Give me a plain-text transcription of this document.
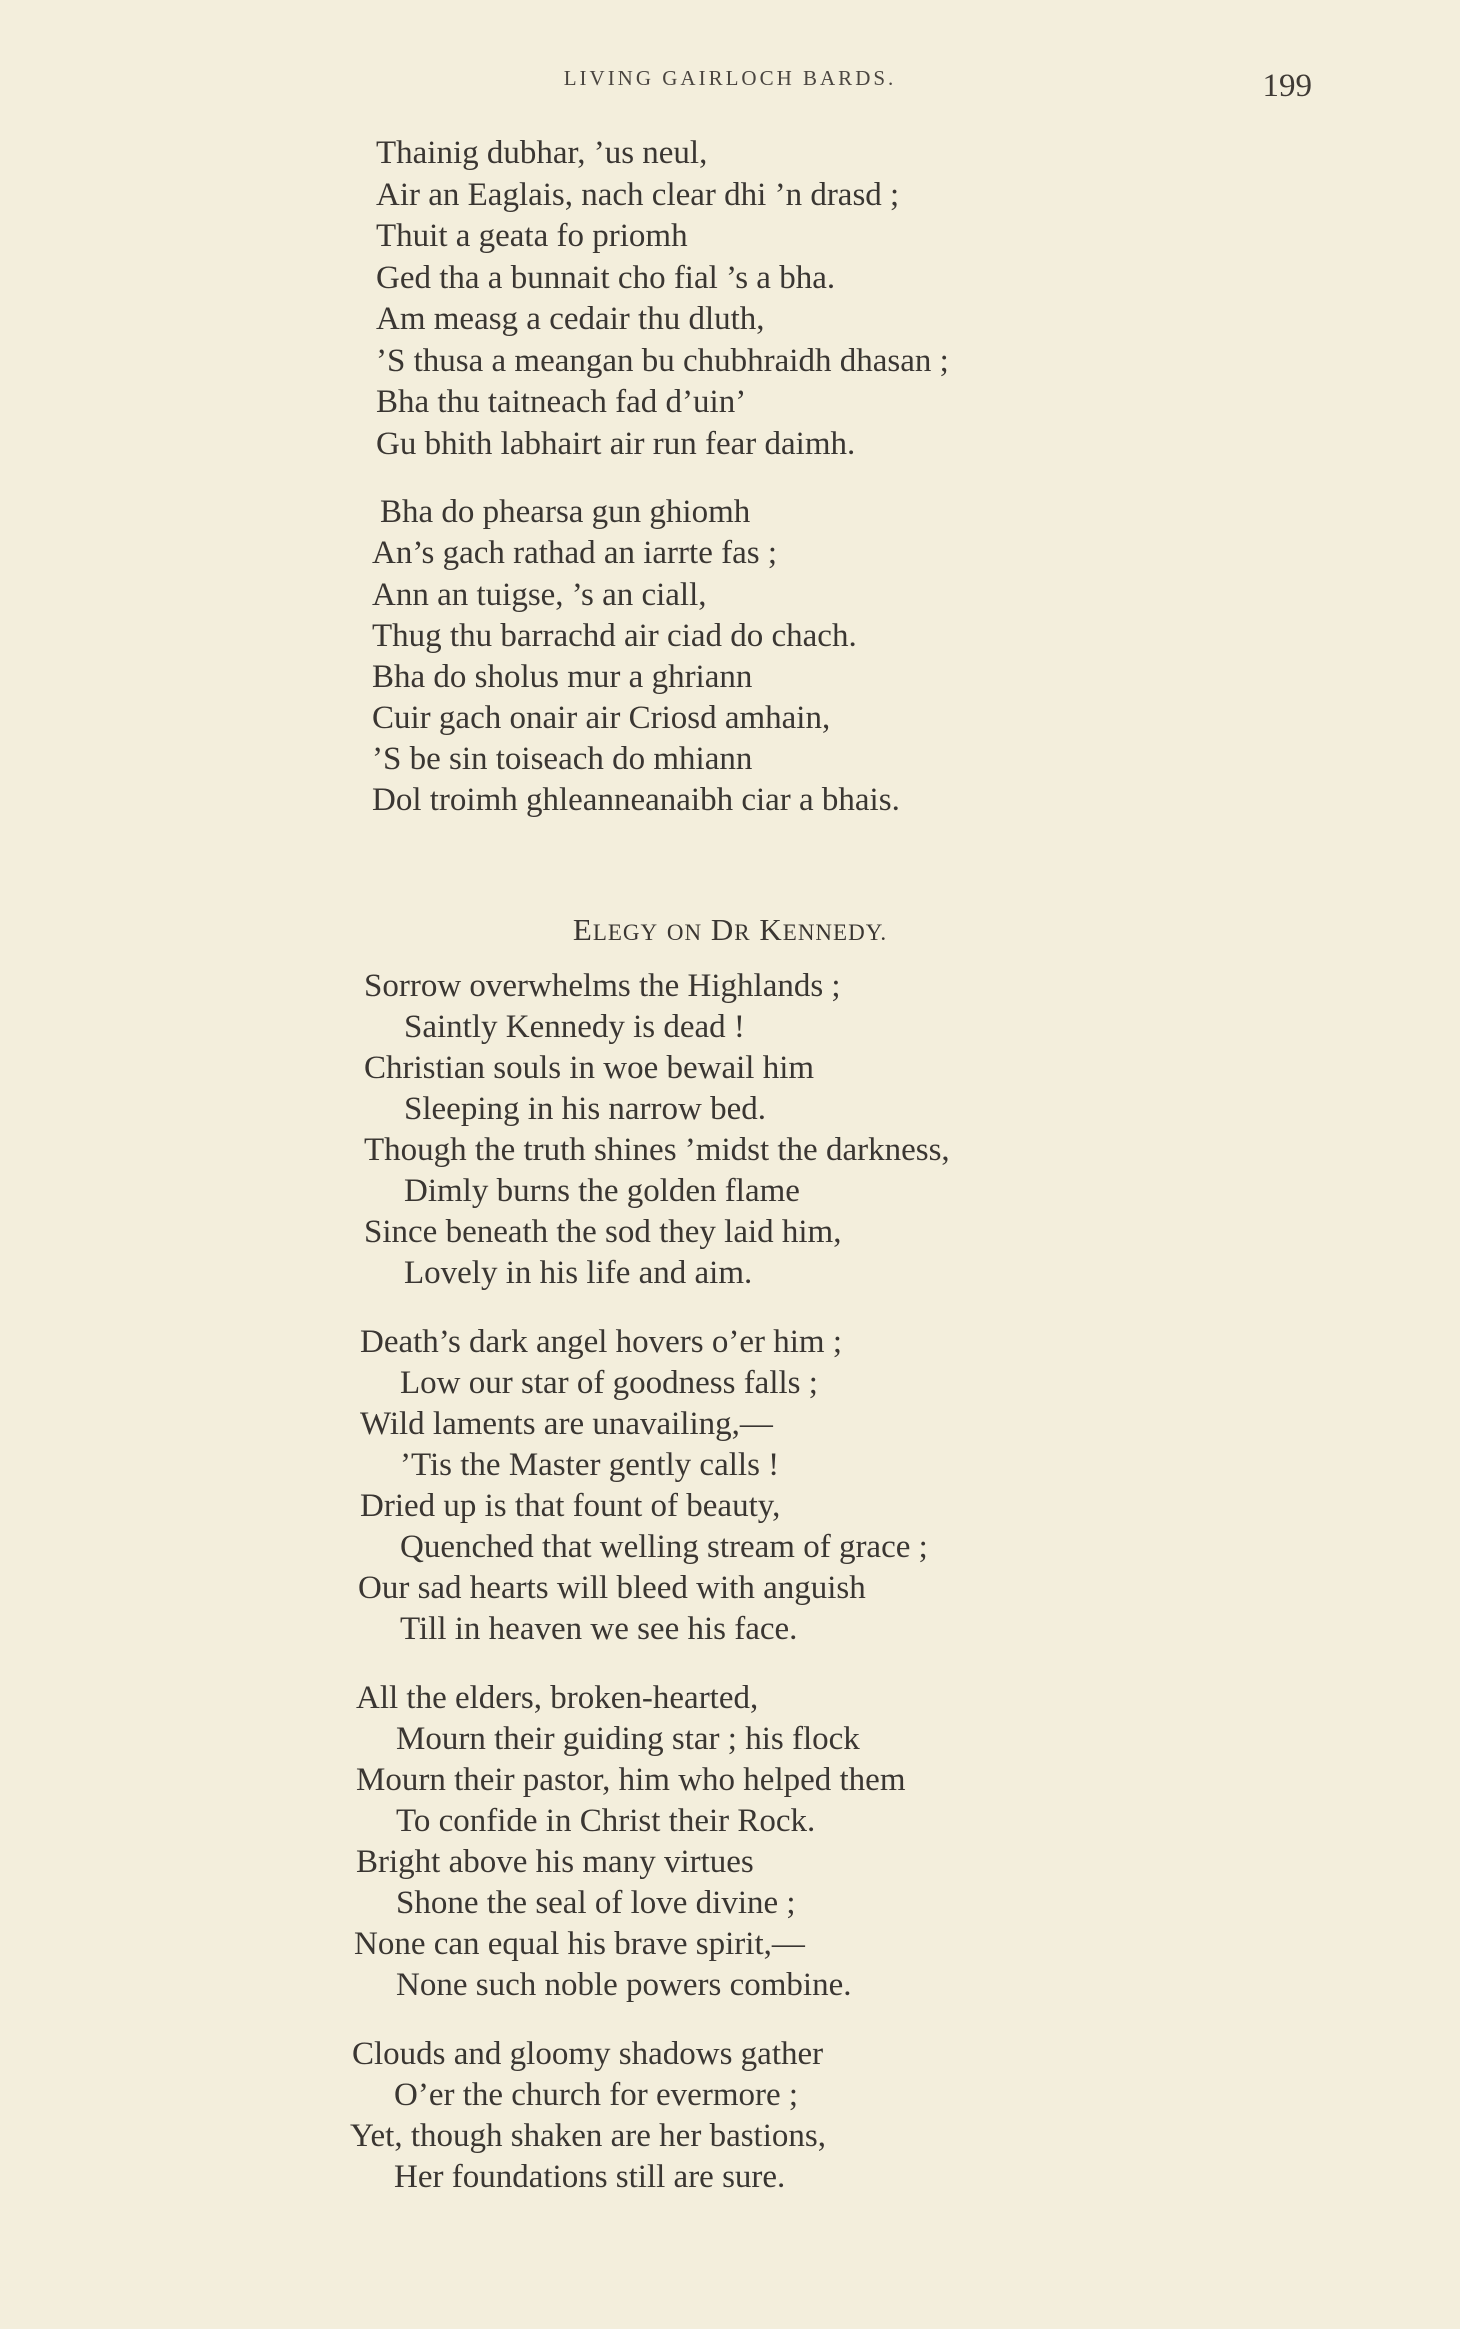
LIVING GAIRLOCH BARDS.	199
Thainig dubhar, ’us neul,
Air an Eaglais, nach clear dhi ’n drasd ;
Thuit a geata fo priomh
Ged tha a bunnait cho fial ’s a bha.
Am measg a cedair thu dluth,
’S thusa a meangan bu chubhraidh dhasan ;
Bha thu taitneach fad d’uin’
Gu bhith labhairt air run fear daimh.
Bha do phearsa gun ghiomh
An’s gach rathad an iarrte fas ;
Ann an tuigse, ’s an ciall,
Thug thu barrachd air ciad do chach.
Bha do sholus mur a ghriann
Cuir gach onair air Criosd amhain,
’S be sin toiseach do mhiann
Dol troimh ghleanneanaibh ciar a bhais.
ELEGY ON DR KENNEDY.
Sorrow overwhelms the Highlands ;
Saintly Kennedy is dead !
Christian souls in woe bewail him
Sleeping in his narrow bed.
Though the truth shines ’midst the darkness,
Dimly burns the golden flame
Since beneath the sod they laid him,
Lovely in his life and aim.
Death’s dark angel hovers o’er him ;
Low our star of goodness falls ;
Wild laments are unavailing,—
’Tis the Master gently calls !
Dried up is that fount of beauty,
Quenched that welling stream of grace ;
Our sad hearts will bleed with anguish
Till in heaven we see his face.
All the elders, broken-hearted,
Mourn their guiding star ; his flock
Mourn their pastor, him who helped them
To confide in Christ their Rock.
Bright above his many virtues
Shone the seal of love divine ;
None can equal his brave spirit,—
None such noble powers combine.
Clouds and gloomy shadows gather
O’er the church for evermore ;
Yet, though shaken are her bastions,
Her foundations still are sure.
